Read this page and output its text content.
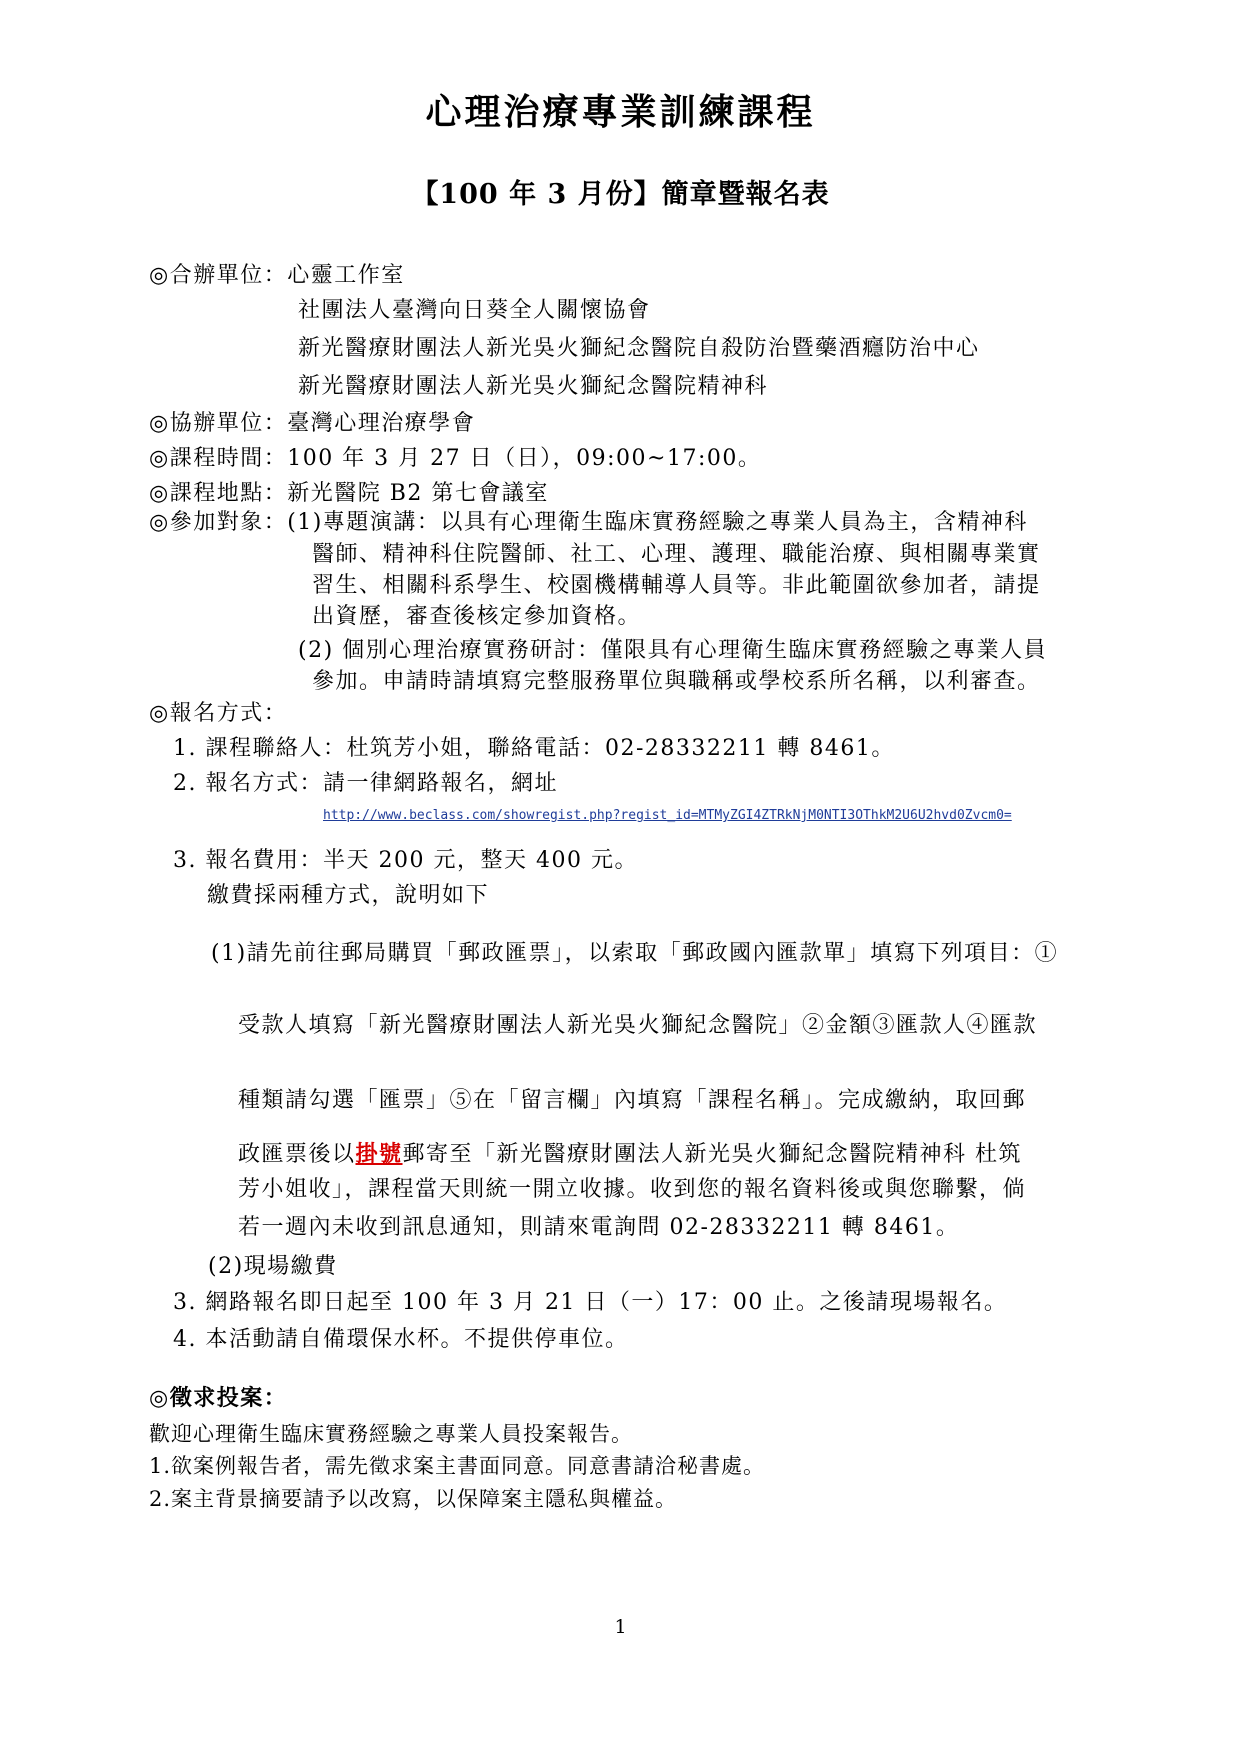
心理治療專業訓練課程
【100 年 3 月份】簡章暨報名表
◎合辦單位：心靈工作室
社團法人臺灣向日葵全人關懷協會
新光醫療財團法人新光吳火獅紀念醫院自殺防治暨藥酒癮防治中心
新光醫療財團法人新光吳火獅紀念醫院精神科
◎協辦單位：臺灣心理治療學會
◎課程時間：100 年 3 月 27 日（日），09:00~17:00。
◎課程地點：新光醫院 B2 第七會議室
◎參加對象：(1)專題演講：以具有心理衛生臨床實務經驗之專業人員為主，含精神科
醫師、精神科住院醫師、社工、心理、護理、職能治療、與相關專業實
習生、相關科系學生、校園機構輔導人員等。非此範圍欲參加者，請提
出資歷，審查後核定參加資格。
(2) 個別心理治療實務研討：僅限具有心理衛生臨床實務經驗之專業人員
參加。申請時請填寫完整服務單位與職稱或學校系所名稱，以利審查。
◎報名方式：
1. 課程聯絡人：杜筑芳小姐，聯絡電話：02-28332211 轉 8461。
2. 報名方式：請一律網路報名，網址
http://www.beclass.com/showregist.php?regist_id=MTMyZGI4ZTRkNjM0NTI3OThkM2U6U2hvd0Zvcm0=
3. 報名費用：半天 200 元，整天 400 元。
繳費採兩種方式，說明如下
(1)請先前往郵局購買「郵政匯票」，以索取「郵政國內匯款單」填寫下列項目：①
受款人填寫「新光醫療財團法人新光吳火獅紀念醫院」②金額③匯款人④匯款
種類請勾選「匯票」⑤在「留言欄」內填寫「課程名稱」。完成繳納，取回郵
政匯票後以掛號郵寄至「新光醫療財團法人新光吳火獅紀念醫院精神科 杜筑
芳小姐收」，課程當天則統一開立收據。收到您的報名資料後或與您聯繫，倘
若一週內未收到訊息通知，則請來電詢問 02-28332211 轉 8461。
(2)現場繳費
3. 網路報名即日起至 100 年 3 月 21 日（一）17：00 止。之後請現場報名。
4. 本活動請自備環保水杯。不提供停車位。
◎徵求投案：
歡迎心理衛生臨床實務經驗之專業人員投案報告。
1.欲案例報告者，需先徵求案主書面同意。同意書請洽秘書處。
2.案主背景摘要請予以改寫，以保障案主隱私與權益。
1
